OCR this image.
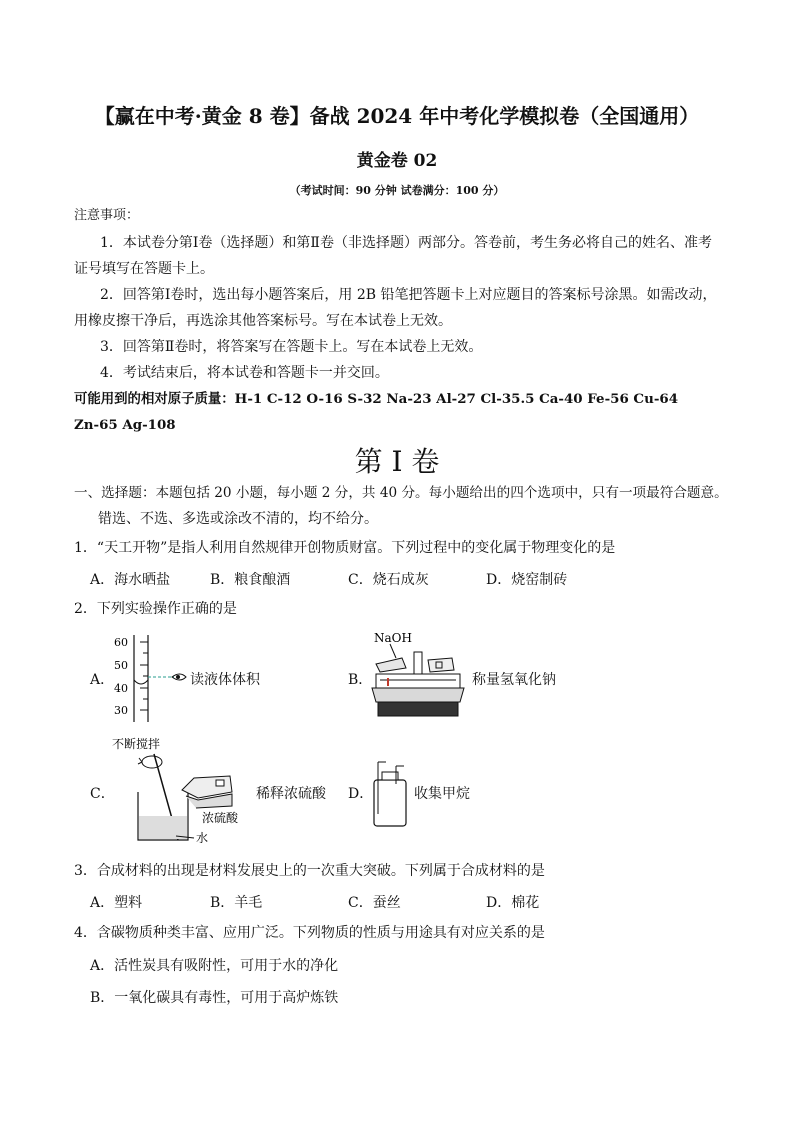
【赢在中考·黄金 8 卷】备战 2024 年中考化学模拟卷（全国通用）
黄金卷 02
（考试时间：90 分钟 试卷满分：100 分）
注意事项：
1．本试卷分第Ⅰ卷（选择题）和第Ⅱ卷（非选择题）两部分。答卷前，考生务必将自己的姓名、准考
证号填写在答题卡上。
2．回答第Ⅰ卷时，选出每小题答案后，用 2B 铅笔把答题卡上对应题目的答案标号涂黑。如需改动，
用橡皮擦干净后，再选涂其他答案标号。写在本试卷上无效。
3．回答第Ⅱ卷时，将答案写在答题卡上。写在本试卷上无效。
4．考试结束后，将本试卷和答题卡一并交回。
可能用到的相对原子质量：H-1 C-12 O-16 S-32 Na-23 Al-27 Cl-35.5 Ca-40 Fe-56 Cu-64
Zn-65 Ag-108
第 I 卷
一、选择题：本题包括 20 小题，每小题 2 分，共 40 分。每小题给出的四个选项中，只有一项最符合题意。
错选、不选、多选或涂改不清的，均不给分。
1．“天工开物”是指人利用自然规律开创物质财富。下列过程中的变化属于物理变化的是
A．海水晒盐	B．粮食酿酒	C．烧石成灰	D．烧窑制砖
2．下列实验操作正确的是
A．
60
50
40
30
读液体体积	B．
NaOH
称量氢氧化钠
C．
不断搅拌
浓硫酸
水
稀释浓硫酸 D．	收集甲烷
3．合成材料的出现是材料发展史上的一次重大突破。下列属于合成材料的是
A．塑料	B．羊毛	C．蚕丝	D．棉花
4．含碳物质种类丰富、应用广泛。下列物质的性质与用途具有对应关系的是
A．活性炭具有吸附性，可用于水的净化
B．一氧化碳具有毒性，可用于高炉炼铁
